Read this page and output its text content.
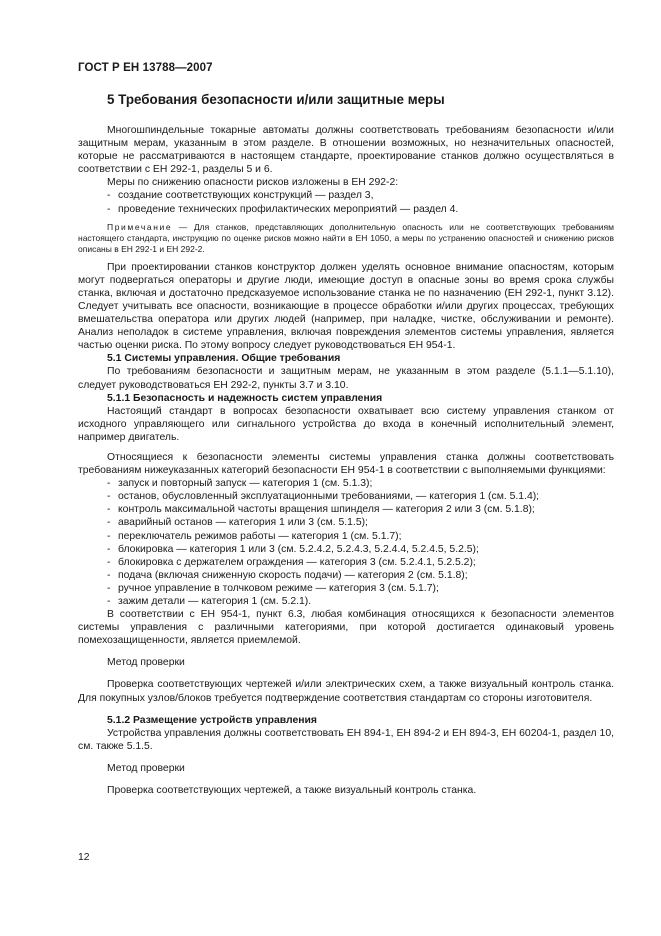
ГОСТ Р ЕН 13788—2007

5 Требования безопасности и/или защитные меры

Многошпиндельные токарные автоматы должны соответствовать требованиям безопасности и/или защитным мерам, указанным в этом разделе. В отношении возможных, но незначительных опасностей, которые не рассматриваются в настоящем стандарте, проектирование станков должно осуществляться в соответствии с ЕН 292-1, разделы 5 и 6.

Меры по снижению опасности рисков изложены в ЕН 292-2:

- создание соответствующих конструкций — раздел 3,
- проведение технических профилактических мероприятий — раздел 4.

Примечание — Для станков, представляющих дополнительную опасность или не соответствующих требованиям настоящего стандарта, инструкцию по оценке рисков можно найти в ЕН 1050, а меры по устранению опасностей и снижению рисков описаны в ЕН 292-1 и ЕН 292-2.

При проектировании станков конструктор должен уделять основное внимание опасностям, которым могут подвергаться операторы и другие люди, имеющие доступ в опасные зоны во время срока службы станка, включая и достаточно предсказуемое использование станка не по назначению (ЕН 292-1, пункт 3.12). Следует учитывать все опасности, возникающие в процессе обработки и/или других процессах, требующих вмешательства оператора или других людей (например, при наладке, чистке, обслуживании и ремонте). Анализ неполадок в системе управления, включая повреждения элементов системы управления, является частью оценки риска. По этому вопросу следует руководствоваться ЕН 954-1.

5.1 Системы управления. Общие требования

По требованиям безопасности и защитным мерам, не указанным в этом разделе (5.1.1—5.1.10), следует руководствоваться ЕН 292-2, пункты 3.7 и 3.10.

5.1.1 Безопасность и надежность систем управления

Настоящий стандарт в вопросах безопасности охватывает всю систему управления станком от исходного управляющего или сигнального устройства до входа в конечный исполнительный элемент, например двигатель.

Относящиеся к безопасности элементы системы управления станка должны соответствовать требованиям нижеуказанных категорий безопасности ЕН 954-1 в соответствии с выполняемыми функциями:

- запуск и повторный запуск — категория 1 (см. 5.1.3);
- останов, обусловленный эксплуатационными требованиями, — категория 1 (см. 5.1.4);
- контроль максимальной частоты вращения шпинделя — категория 2 или 3 (см. 5.1.8);
- аварийный останов — категория 1 или 3 (см. 5.1.5);
- переключатель режимов работы — категория 1 (см. 5.1.7);
- блокировка — категория 1 или 3 (см. 5.2.4.2, 5.2.4.3, 5.2.4.4, 5.2.4.5, 5.2.5);
- блокировка с держателем ограждения — категория 3 (см. 5.2.4.1, 5.2.5.2);
- подача (включая сниженную скорость подачи) — категория 2 (см. 5.1.8);
- ручное управление в толчковом режиме — категория 3 (см. 5.1.7);
- зажим детали — категория 1 (см. 5.2.1).

В соответствии с ЕН 954-1, пункт 6.3, любая комбинация относящихся к безопасности элементов системы управления с различными категориями, при которой достигается одинаковый уровень помехозащищенности, является приемлемой.

Метод проверки

Проверка соответствующих чертежей и/или электрических схем, а также визуальный контроль станка. Для покупных узлов/блоков требуется подтверждение соответствия стандартам со стороны изготовителя.

5.1.2 Размещение устройств управления

Устройства управления должны соответствовать ЕН 894-1, ЕН 894-2 и ЕН 894-3, ЕН 60204-1, раздел 10, см. также 5.1.5.

Метод проверки

Проверка соответствующих чертежей, а также визуальный контроль станка.

12
